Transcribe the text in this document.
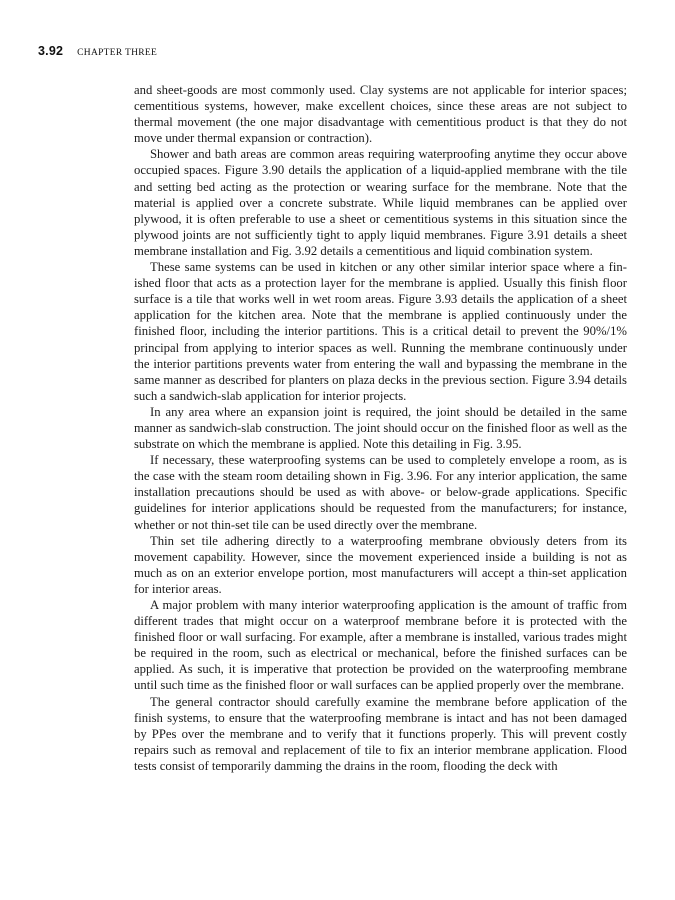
3.92 CHAPTER THREE

and sheet-goods are most commonly used. Clay systems are not applicable for interior spaces; cementitious systems, however, make excellent choices, since these areas are not subject to thermal movement (the one major disadvantage with cementitious product is that they do not move under thermal expansion or contraction).

Shower and bath areas are common areas requiring waterproofing anytime they occur above occupied spaces. Figure 3.90 details the application of a liquid-applied membrane with the tile and setting bed acting as the protection or wearing surface for the membrane. Note that the material is applied over a concrete substrate. While liquid membranes can be applied over plywood, it is often preferable to use a sheet or cementitious systems in this situation since the plywood joints are not sufficiently tight to apply liquid membranes. Figure 3.91 details a sheet membrane installation and Fig. 3.92 details a cementitious and liquid combination system.

These same systems can be used in kitchen or any other similar interior space where a finished floor that acts as a protection layer for the membrane is applied. Usually this finish floor surface is a tile that works well in wet room areas. Figure 3.93 details the application of a sheet application for the kitchen area. Note that the membrane is applied continuously under the finished floor, including the interior partitions. This is a critical detail to prevent the 90%/1% principal from applying to interior spaces as well. Running the membrane continuously under the interior partitions prevents water from entering the wall and bypassing the membrane in the same manner as described for planters on plaza decks in the previous section. Figure 3.94 details such a sandwich-slab application for interior projects.

In any area where an expansion joint is required, the joint should be detailed in the same manner as sandwich-slab construction. The joint should occur on the finished floor as well as the substrate on which the membrane is applied. Note this detailing in Fig. 3.95.

If necessary, these waterproofing systems can be used to completely envelope a room, as is the case with the steam room detailing shown in Fig. 3.96. For any interior application, the same installation precautions should be used as with above- or below-grade applications. Specific guidelines for interior applications should be requested from the manufacturers; for instance, whether or not thin-set tile can be used directly over the membrane.

Thin set tile adhering directly to a waterproofing membrane obviously deters from its movement capability. However, since the movement experienced inside a building is not as much as on an exterior envelope portion, most manufacturers will accept a thin-set application for interior areas.

A major problem with many interior waterproofing application is the amount of traffic from different trades that might occur on a waterproof membrane before it is protected with the finished floor or wall surfacing. For example, after a membrane is installed, various trades might be required in the room, such as electrical or mechanical, before the finished surfaces can be applied. As such, it is imperative that protection be provided on the waterproofing membrane until such time as the finished floor or wall surfaces can be applied properly over the membrane.

The general contractor should carefully examine the membrane before application of the finish systems, to ensure that the waterproofing membrane is intact and has not been damaged by PPes over the membrane and to verify that it functions properly. This will prevent costly repairs such as removal and replacement of tile to fix an interior membrane application. Flood tests consist of temporarily damming the drains in the room, flooding the deck with
